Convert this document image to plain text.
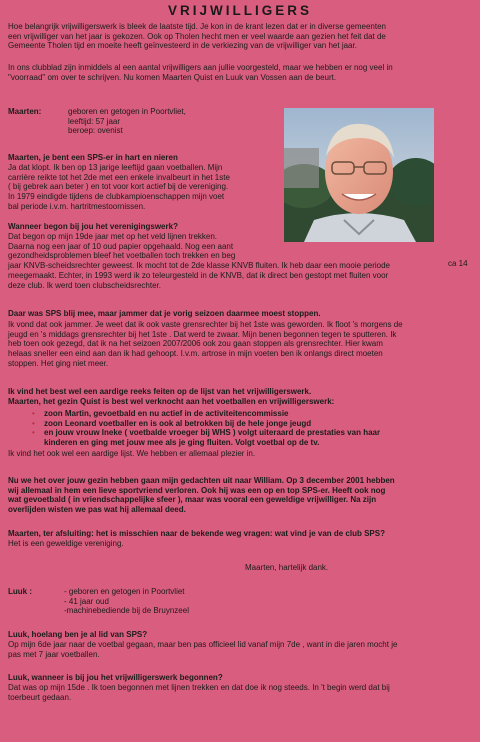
VRIJWILLIGERS
Hoe belangrijk vrijwilligerswerk is bleek de laatste tijd. Je kon in de krant lezen dat er in diverse gemeenten
een vrijwilliger van het jaar is gekozen. Ook op Tholen hecht men er veel waarde aan gezien het feit dat de
Gemeente Tholen tijd en moeite heeft geïnvesteerd in de verkiezing van de vrijwilliger van het jaar.
In ons clubblad zijn inmiddels al een aantal vrijwilligers aan jullie voorgesteld, maar we hebben er nog veel in
"voorraad" om over te schrijven. Nu komen Maarten Quist en Luuk van Vossen aan de beurt.
Maarten:	geboren en getogen in Poortvliet,
leeftijd: 57 jaar
beroep: ovenist
Maarten, je bent een SPS-er in hart en nieren
Ja dat klopt. Ik ben op 13 jarige leeftijd gaan voetballen. Mijn
carrière reikte tot het 2de met een enkele invalbeurt in het 1ste
( bij gebrek aan beter ) en tot voor kort actief bij de vereniging.
In 1979 eindigde tijdens de clubkampioenschappen mijn voet
bal periode i.v.m. hartritmestoornissen.
Wanneer begon bij jou het verenigingswerk?
Dat begon op mijn 19de jaar met op het veld lijnen trekken.
Daarna nog een jaar of 10 oud papier opgehaald. Nog een aant
gezondheidsproblemen bleef het voetballen toch trekken en beg
jaar KNVB-scheidsrechter geweest. Ik mocht tot de 2de klasse KNVB fluiten. Ik heb daar een mooie periode
meegemaakt. Echter, in 1993 werd ik zo teleurgesteld in de KNVB, dat ik direct ben gestopt met fluiten voor
deze club. Ik werd toen clubscheidsrechter.
ca 14
Daar was SPS blij mee, maar jammer dat je vorig seizoen daarmee moest stoppen.
Ik vond dat ook jammer. Je weet dat ik ook vaste grensrechter bij het 1ste was geworden. Ik floot 's morgens de
jeugd en 's middags grensrechter bij het 1ste . Dat werd te zwaar. Mijn benen begonnen tegen te sputteren. Ik
heb toen ook gezegd, dat ik na het seizoen 2007/2006 ook zou gaan stoppen als grensrechter. Hier kwam
helaas sneller een eind aan dan ik had gehoopt. I.v.m. artrose in mijn voeten ben ik onlangs direct moeten
stoppen. Het ging niet meer.
Ik vind het best wel een aardige reeks feiten op de lijst van het vrijwilligerswerk.
Maarten, het gezin Quist is best wel verknocht aan het voetballen en vrijwilligerswerk:
• zoon Martin, gevoetbald en nu actief in de activiteitencommissie
• zoon Leonard voetballer en is ook al betrokken bij de hele jonge jeugd
• en jouw vrouw Ineke ( voetbalde vroeger bij WHS ) volgt uiteraard de prestaties van haar
kinderen en ging met jouw mee als je ging fluiten. Volgt voetbal op de tv.
Ik vind het ook wel een aardige lijst. We hebben er allemaal plezier in.
Nu we het over jouw gezin hebben gaan mijn gedachten uit naar William. Op 3 december 2001 hebben
wij allemaal in hem een lieve sportvriend verloren. Ook hij was een op en top SPS-er. Heeft ook nog
wat gevoetbald ( in vriendschappelijke sfeer ), maar was vooral een geweldige vrijwilliger. Na zijn
overlijden wisten we pas wat hij allemaal deed.
Maarten, ter afsluiting: het is misschien naar de bekende weg vragen: wat vind je van de club SPS?
Het is een geweldige vereniging.
Maarten, hartelijk dank.
Luuk :	- geboren en getogen in Poortvliet
- 41 jaar oud
-machinebediende bij de Bruynzeel
Luuk, hoelang ben je al lid van SPS?
Op mijn 6de jaar naar de voetbal gegaan, maar ben pas officieel lid vanaf mijn 7de , want in die jaren mocht je
pas met 7 jaar voetballen.
Luuk, wanneer is bij jou het vrijwilligerswerk begonnen?
Dat was op mijn 15de . Ik toen begonnen met lijnen trekken en dat doe ik nog steeds. In 't begin werd dat bij
toerbeurt gedaan.
